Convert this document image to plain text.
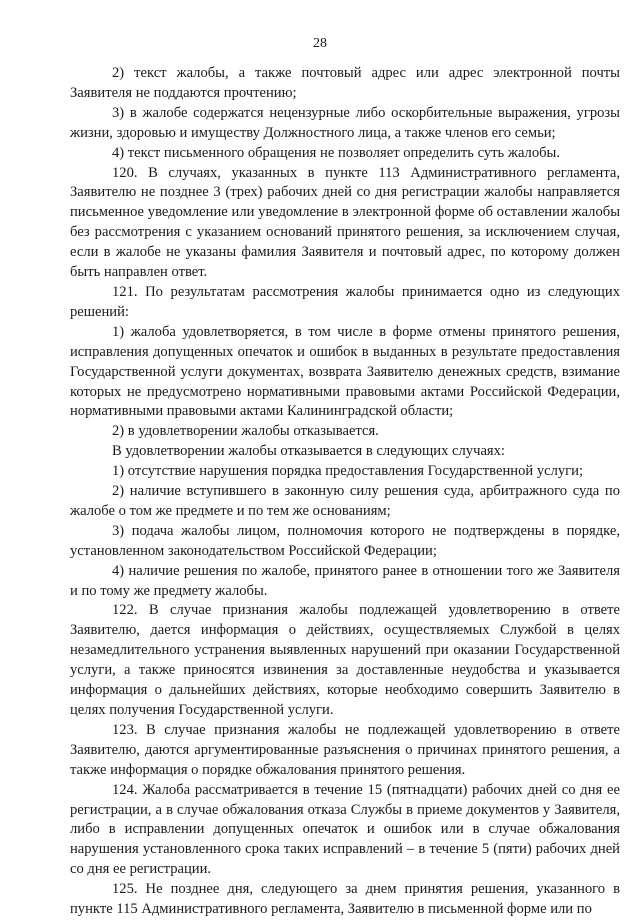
28

2) текст жалобы, а также почтовый адрес или адрес электронной почты Заявителя не поддаются прочтению;

3) в жалобе содержатся нецензурные либо оскорбительные выражения, угрозы жизни, здоровью и имуществу Должностного лица, а также членов его семьи;

4) текст письменного обращения не позволяет определить суть жалобы.

120. В случаях, указанных в пункте 113 Административного регламента, Заявителю не позднее 3 (трех) рабочих дней со дня регистрации жалобы направляется письменное уведомление или уведомление в электронной форме об оставлении жалобы без рассмотрения с указанием оснований принятого решения, за исключением случая, если в жалобе не указаны фамилия Заявителя и почтовый адрес, по которому должен быть направлен ответ.

121. По результатам рассмотрения жалобы принимается одно из следующих решений:

1) жалоба удовлетворяется, в том числе в форме отмены принятого решения, исправления допущенных опечаток и ошибок в выданных в результате предоставления Государственной услуги документах, возврата Заявителю денежных средств, взимание которых не предусмотрено нормативными правовыми актами Российской Федерации, нормативными правовыми актами Калининградской области;

2) в удовлетворении жалобы отказывается.

В удовлетворении жалобы отказывается в следующих случаях:

1) отсутствие нарушения порядка предоставления Государственной услуги;

2) наличие вступившего в законную силу решения суда, арбитражного суда по жалобе о том же предмете и по тем же основаниям;

3) подача жалобы лицом, полномочия которого не подтверждены в порядке, установленном законодательством Российской Федерации;

4) наличие решения по жалобе, принятого ранее в отношении того же Заявителя и по тому же предмету жалобы.

122. В случае признания жалобы подлежащей удовлетворению в ответе Заявителю, дается информация о действиях, осуществляемых Службой в целях незамедлительного устранения выявленных нарушений при оказании Государственной услуги, а также приносятся извинения за доставленные неудобства и указывается информация о дальнейших действиях, которые необходимо совершить Заявителю в целях получения Государственной услуги.

123. В случае признания жалобы не подлежащей удовлетворению в ответе Заявителю, даются аргументированные разъяснения о причинах принятого решения, а также информация о порядке обжалования принятого решения.

124. Жалоба рассматривается в течение 15 (пятнадцати) рабочих дней со дня ее регистрации, а в случае обжалования отказа Службы в приеме документов у Заявителя, либо в исправлении допущенных опечаток и ошибок или в случае обжалования нарушения установленного срока таких исправлений – в течение 5 (пяти) рабочих дней со дня ее регистрации.

125. Не позднее дня, следующего за днем принятия решения, указанного в пункте 115 Административного регламента, Заявителю в письменной форме или по
